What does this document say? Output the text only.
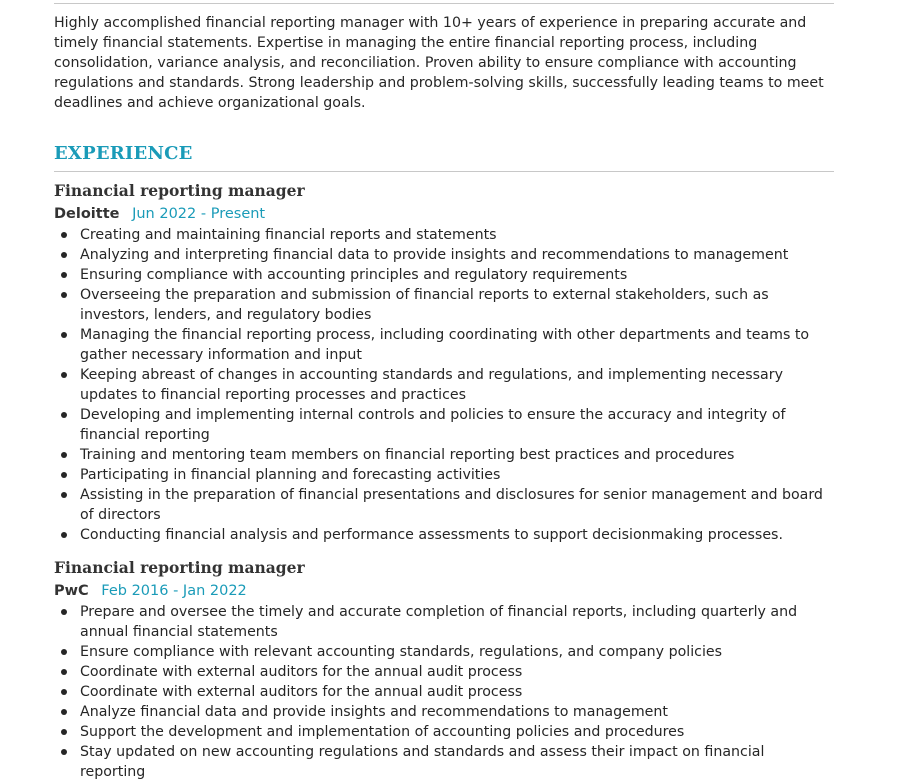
Highly accomplished financial reporting manager with 10+ years of experience in preparing accurate and timely financial statements. Expertise in managing the entire financial reporting process, including consolidation, variance analysis, and reconciliation. Proven ability to ensure compliance with accounting regulations and standards. Strong leadership and problem-solving skills, successfully leading teams to meet deadlines and achieve organizational goals.

EXPERIENCE
Financial reporting manager
Deloitte Jun 2022 - Present
Creating and maintaining financial reports and statements
Analyzing and interpreting financial data to provide insights and recommendations to management
Ensuring compliance with accounting principles and regulatory requirements
Overseeing the preparation and submission of financial reports to external stakeholders, such as investors, lenders, and regulatory bodies
Managing the financial reporting process, including coordinating with other departments and teams to gather necessary information and input
Keeping abreast of changes in accounting standards and regulations, and implementing necessary updates to financial reporting processes and practices
Developing and implementing internal controls and policies to ensure the accuracy and integrity of financial reporting
Training and mentoring team members on financial reporting best practices and procedures
Participating in financial planning and forecasting activities
Assisting in the preparation of financial presentations and disclosures for senior management and board of directors
Conducting financial analysis and performance assessments to support decisionmaking processes.
Financial reporting manager
PwC Feb 2016 - Jan 2022
Prepare and oversee the timely and accurate completion of financial reports, including quarterly and annual financial statements
Ensure compliance with relevant accounting standards, regulations, and company policies
Coordinate with external auditors for the annual audit process
Coordinate with external auditors for the annual audit process
Analyze financial data and provide insights and recommendations to management
Support the development and implementation of accounting policies and procedures
Stay updated on new accounting regulations and standards and assess their impact on financial reporting
